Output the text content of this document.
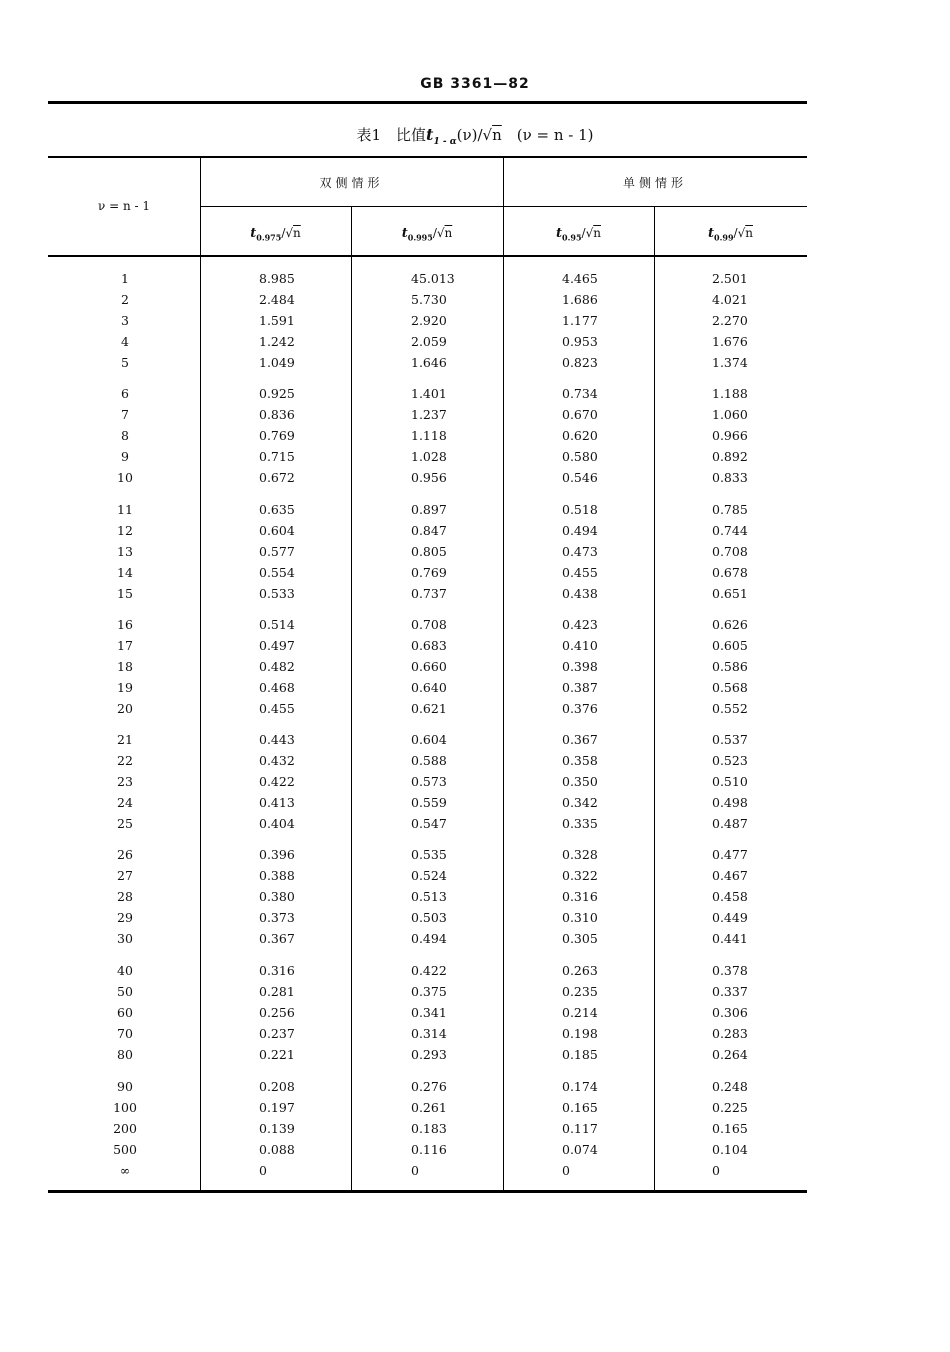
GB 3361—82
表1　 比值$t_{1 - \alpha}(\nu)/√n$　 (ν = n - 1)
ν = n - 1
双侧情形	单侧情形
$t_{0.975}/√n$	$t_{0.995}/√n$	$t_{0.95}/√n$	$t_{0.99}/√n$
1	8.985	45.013	4.465	2.501
2	2.484	5.730	1.686	4.021
3	1.591	2.920	1.177	2.270
4	1.242	2.059	0.953	1.676
5	1.049	1.646	0.823	1.374
6	0.925	1.401	0.734	1.188
7	0.836	1.237	0.670	1.060
8	0.769	1.118	0.620	0.966
9	0.715	1.028	0.580	0.892
10	0.672	0.956	0.546	0.833
11	0.635	0.897	0.518	0.785
12	0.604	0.847	0.494	0.744
13	0.577	0.805	0.473	0.708
14	0.554	0.769	0.455	0.678
15	0.533	0.737	0.438	0.651
16	0.514	0.708	0.423	0.626
17	0.497	0.683	0.410	0.605
18	0.482	0.660	0.398	0.586
19	0.468	0.640	0.387	0.568
20	0.455	0.621	0.376	0.552
21	0.443	0.604	0.367	0.537
22	0.432	0.588	0.358	0.523
23	0.422	0.573	0.350	0.510
24	0.413	0.559	0.342	0.498
25	0.404	0.547	0.335	0.487
26	0.396	0.535	0.328	0.477
27	0.388	0.524	0.322	0.467
28	0.380	0.513	0.316	0.458
29	0.373	0.503	0.310	0.449
30	0.367	0.494	0.305	0.441
40	0.316	0.422	0.263	0.378
50	0.281	0.375	0.235	0.337
60	0.256	0.341	0.214	0.306
70	0.237	0.314	0.198	0.283
80	0.221	0.293	0.185	0.264
90	0.208	0.276	0.174	0.248
100	0.197	0.261	0.165	0.225
200	0.139	0.183	0.117	0.165
500	0.088	0.116	0.074	0.104
∞	0	0	0	0
